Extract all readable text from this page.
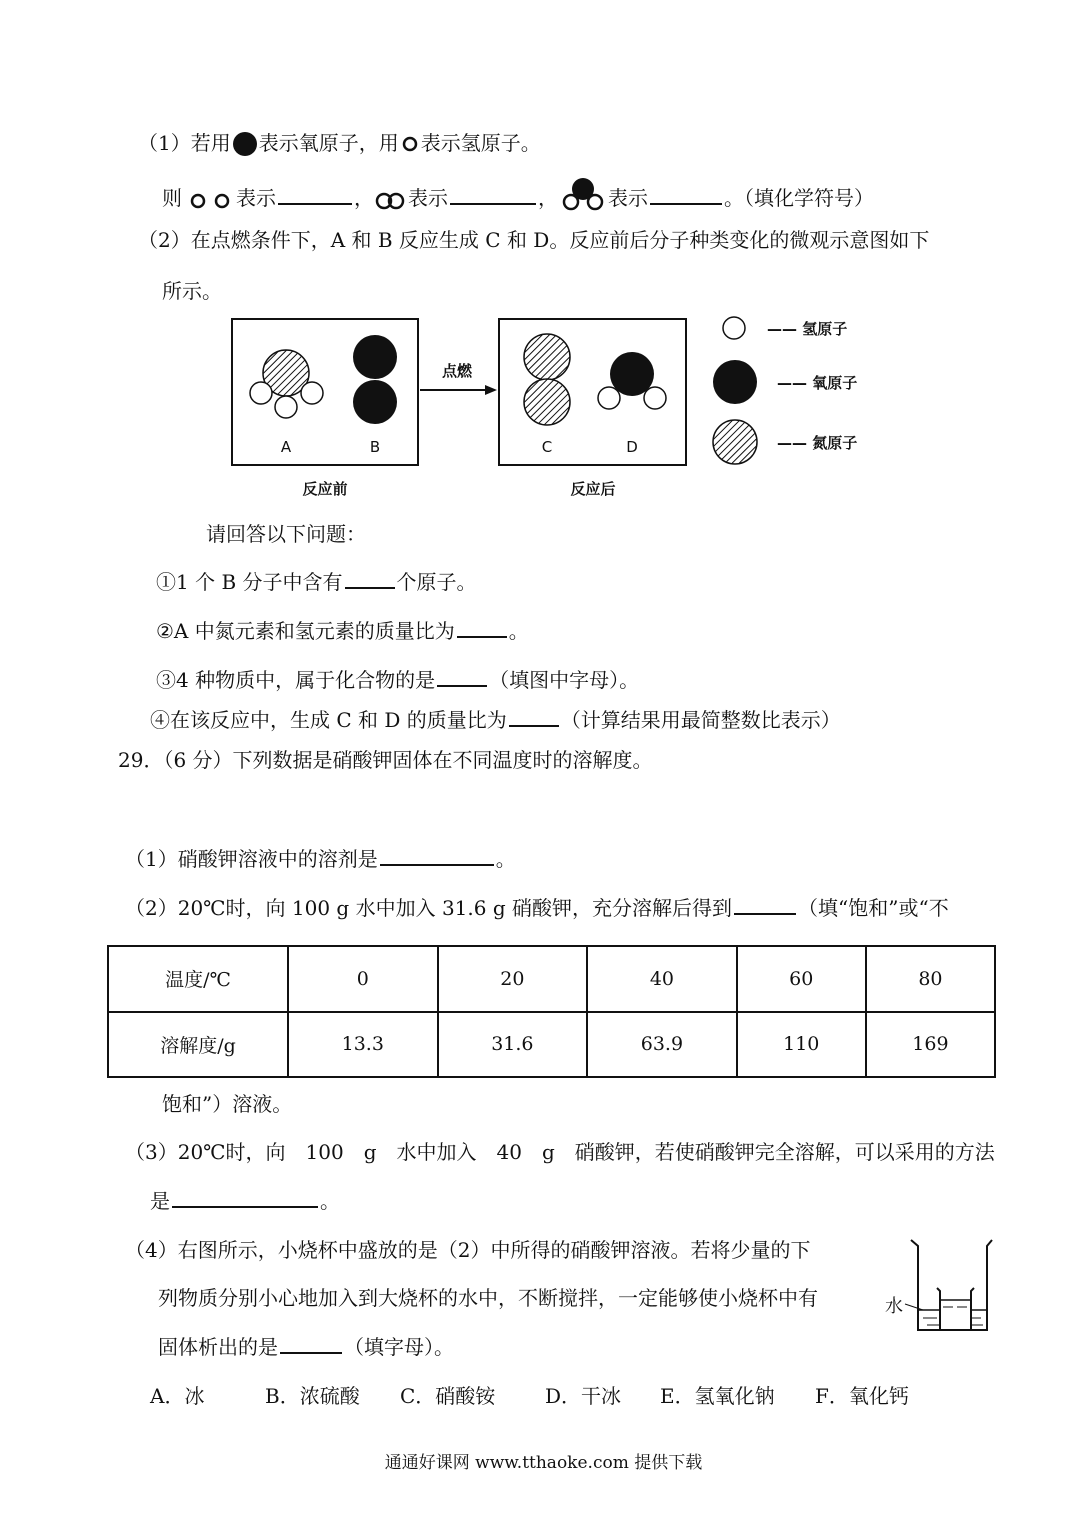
（1）若用 表示氧原子，用 表示氢原子。
则	表示	， 表示	，	表示	。（填化学符号）
（2）在点燃条件下，A 和 B 反应生成 C 和 D。反应前后分子种类变化的微观示意图如下
所示。
A	B
反应前
点燃
C	D
反应后
—— 氢原子
—— 氧原子
—— 氮原子
请回答以下问题：
①1 个 B 分子中含有	个原子。
②A 中氮元素和氢元素的质量比为	。
③4 种物质中，属于化合物的是	（填图中字母）。
④在该反应中，生成 C 和 D 的质量比为	（计算结果用最简整数比表示）
29．（6 分）下列数据是硝酸钾固体在不同温度时的溶解度。
（1）硝酸钾溶液中的溶剂是	。
（2）20℃时，向 100 g 水中加入 31.6 g 硝酸钾，充分溶解后得到	（填“饱和”或“不
温度/℃	0	20	40	60	80
溶解度/g	13.3	31.6	63.9	110	169
饱和”）溶液。
（3）20℃时，向　100　g　水中加入　40　g　硝酸钾，若使硝酸钾完全溶解，可以采用的方法
是	。
（4）右图所示，小烧杯中盛放的是（2）中所得的硝酸钾溶液。若将少量的下
列物质分别小心地加入到大烧杯的水中，不断搅拌，一定能够使小烧杯中有
固体析出的是	（填字母）。
水
A．冰	B．浓硫酸 C．硝酸铵 D．干冰 E．氢氧化钠 F．氧化钙
通通好课网 www.tthaoke.com 提供下载
